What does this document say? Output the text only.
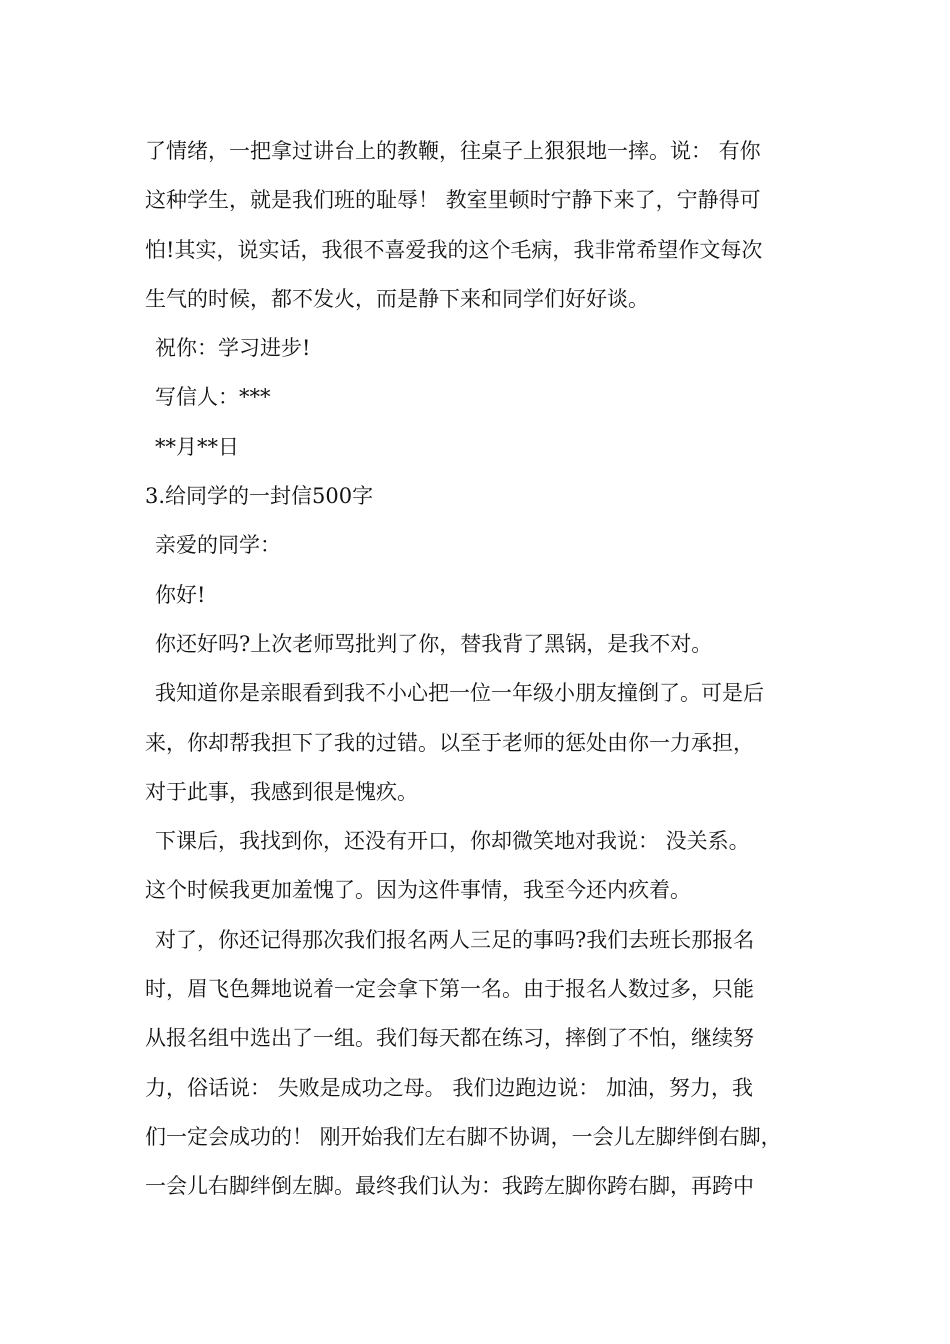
了情绪，一把拿过讲台上的教鞭，往桌子上狠狠地一摔。说： 有你
这种学生，就是我们班的耻辱！ 教室里顿时宁静下来了，宁静得可
怕!其实，说实话，我很不喜爱我的这个毛病，我非常希望作文每次
生气的时候，都不发火，而是静下来和同学们好好谈。
祝你：学习进步!
写信人：***
**月**日
3.给同学的一封信500字
亲爱的同学：
你好!
你还好吗?上次老师骂批判了你，替我背了黑锅，是我不对。
我知道你是亲眼看到我不小心把一位一年级小朋友撞倒了。可是后
来，你却帮我担下了我的过错。以至于老师的惩处由你一力承担，
对于此事，我感到很是愧疚。
下课后，我找到你，还没有开口，你却微笑地对我说： 没关系。
这个时候我更加羞愧了。因为这件事情，我至今还内疚着。
对了，你还记得那次我们报名两人三足的事吗?我们去班长那报名
时，眉飞色舞地说着一定会拿下第一名。由于报名人数过多，只能
从报名组中选出了一组。我们每天都在练习，摔倒了不怕，继续努
力，俗话说： 失败是成功之母。 我们边跑边说： 加油，努力，我
们一定会成功的！ 刚开始我们左右脚不协调，一会儿左脚绊倒右脚，
一会儿右脚绊倒左脚。最终我们认为：我跨左脚你跨右脚，再跨中
